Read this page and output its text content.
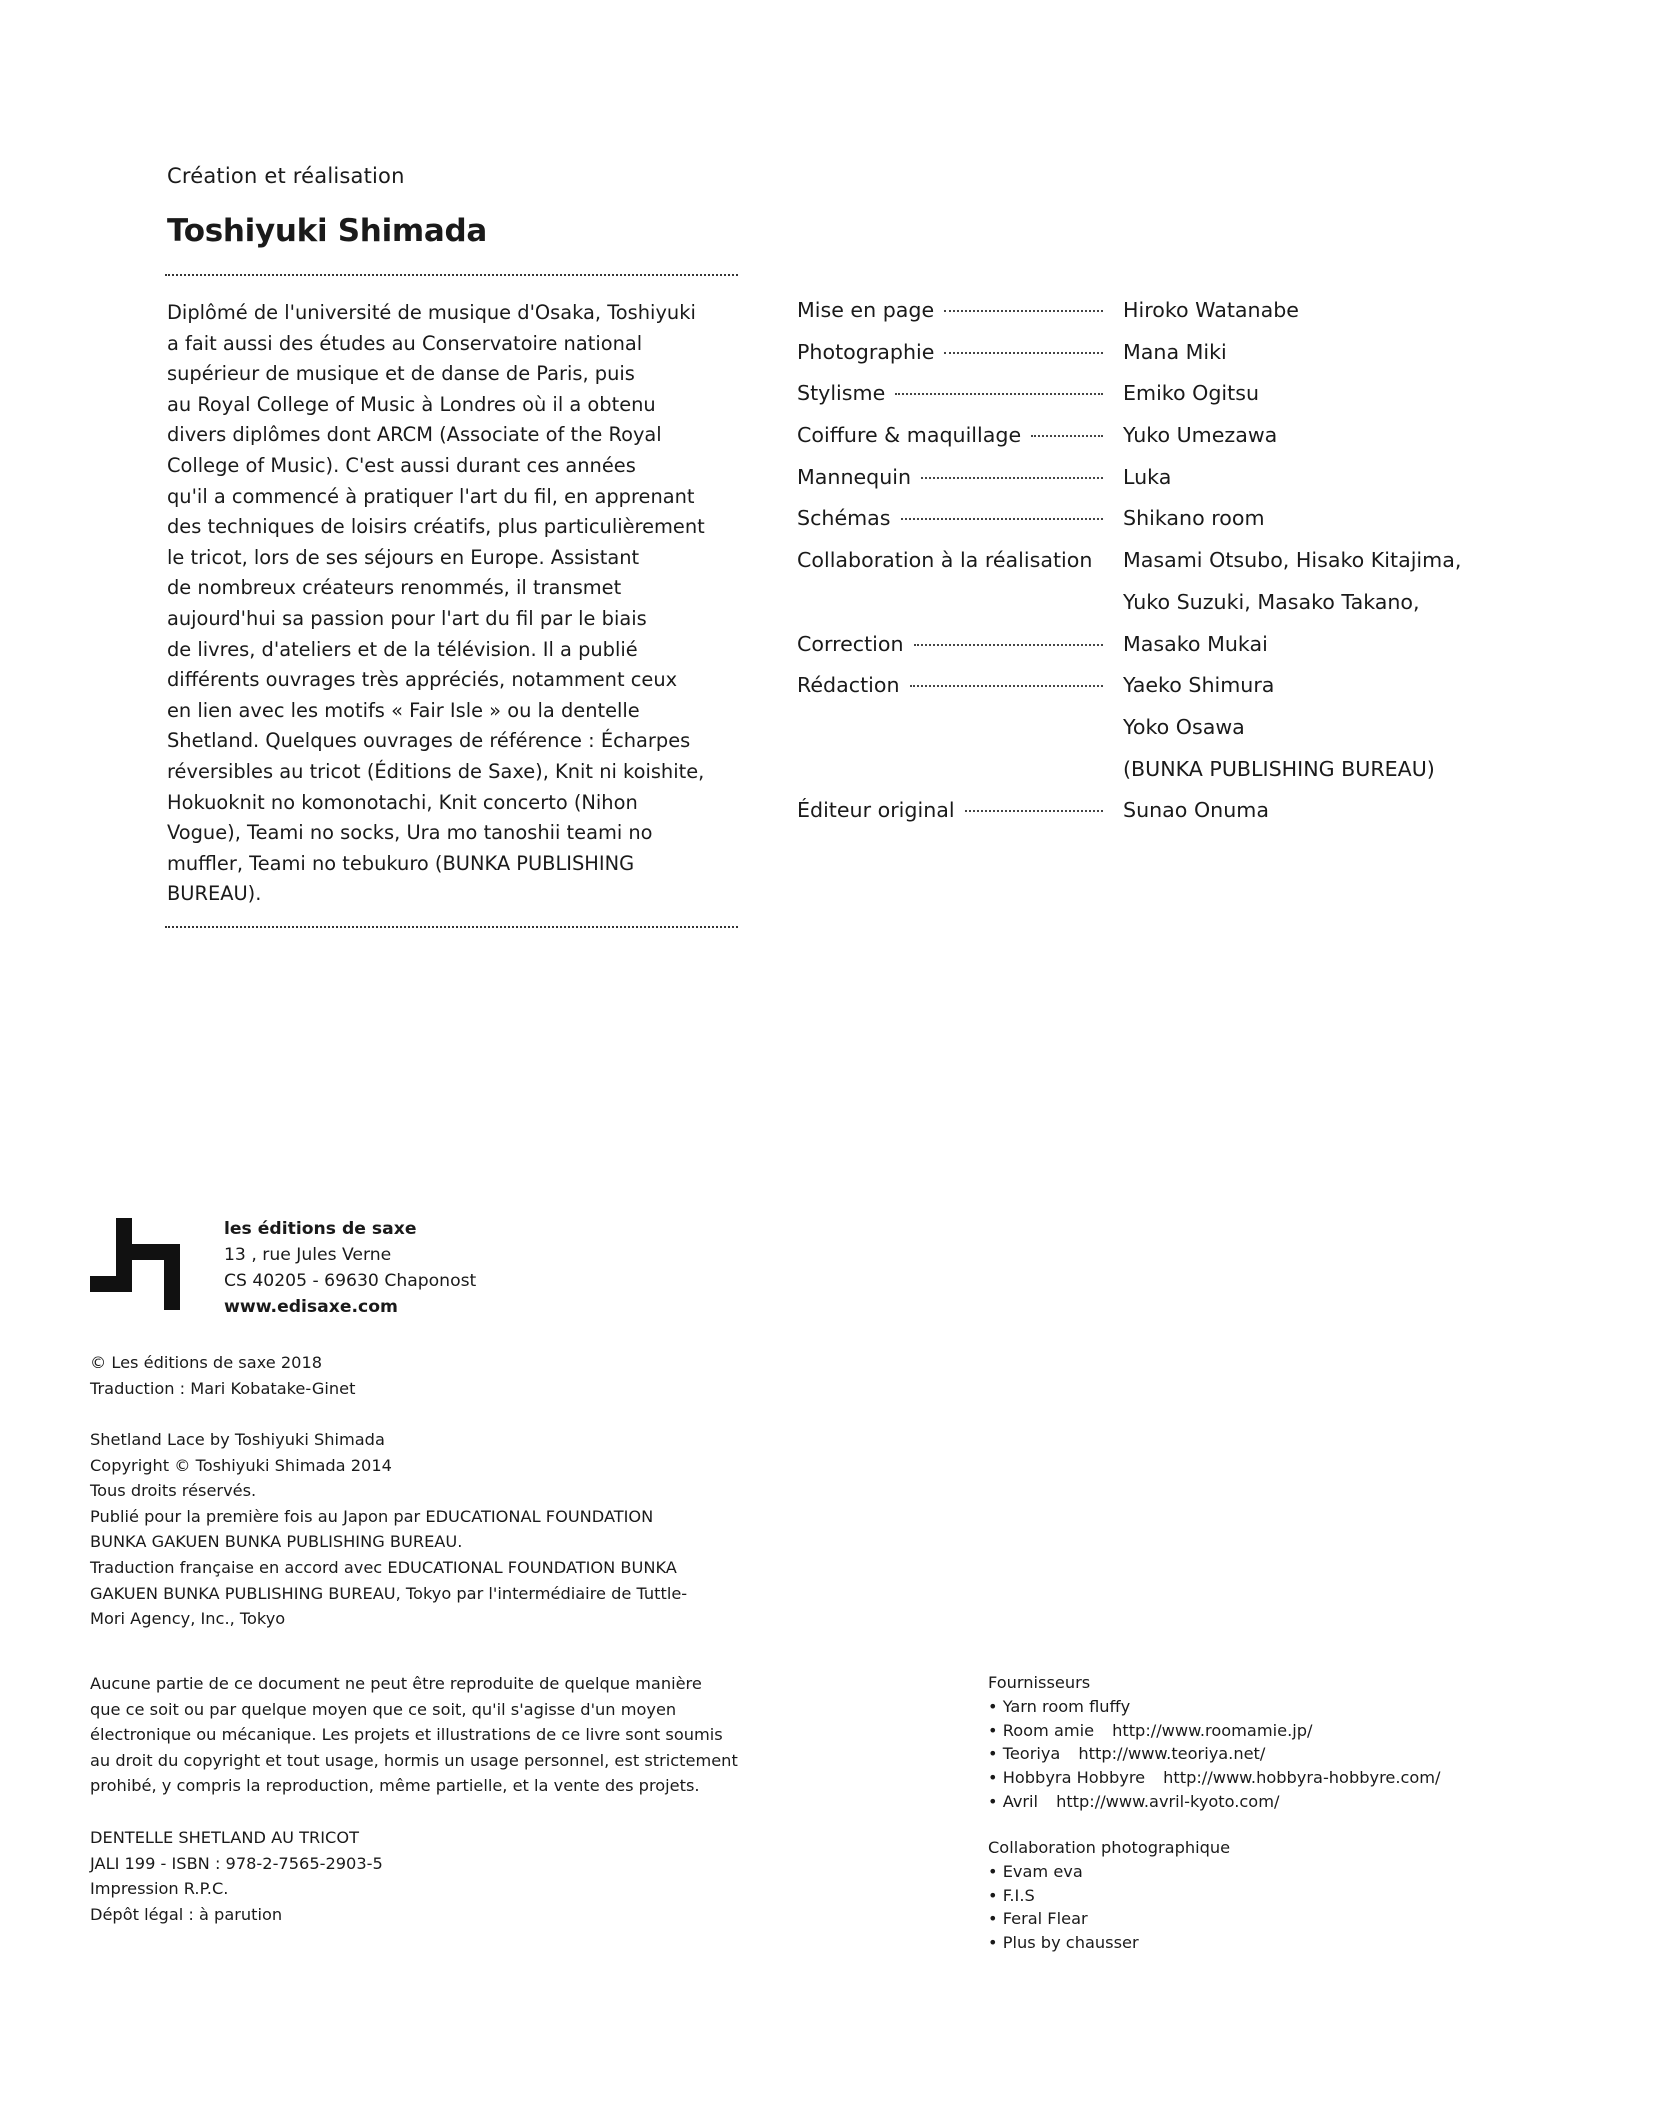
Création et réalisation
Toshiyuki Shimada
Diplômé de l'université de musique d'Osaka, Toshiyuki
a fait aussi des études au Conservatoire national
supérieur de musique et de danse de Paris, puis
au Royal College of Music à Londres où il a obtenu
divers diplômes dont ARCM (Associate of the Royal
College of Music). C'est aussi durant ces années
qu'il a commencé à pratiquer l'art du fil, en apprenant
des techniques de loisirs créatifs, plus particulièrement
le tricot, lors de ses séjours en Europe. Assistant
de nombreux créateurs renommés, il transmet
aujourd'hui sa passion pour l'art du fil par le biais
de livres, d'ateliers et de la télévision. Il a publié
différents ouvrages très appréciés, notamment ceux
en lien avec les motifs « Fair Isle » ou la dentelle
Shetland. Quelques ouvrages de référence : Écharpes
réversibles au tricot (Éditions de Saxe), Knit ni koishite,
Hokuoknit no komonotachi, Knit concerto (Nihon
Vogue), Teami no socks, Ura mo tanoshii teami no
muffler, Teami no tebukuro (BUNKA PUBLISHING
BUREAU).
Mise en page	Hiroko Watanabe
Photographie	Mana Miki
Stylisme	Emiko Ogitsu
Coiffure & maquillage	Yuko Umezawa
Mannequin	Luka
Schémas	Shikano room
Collaboration à la réalisation Masami Otsubo, Hisako Kitajima,
Yuko Suzuki, Masako Takano,
Correction	Masako Mukai
Rédaction	Yaeko Shimura
Yoko Osawa
(BUNKA PUBLISHING BUREAU)
Éditeur original	Sunao Onuma
les éditions de saxe
13 , rue Jules Verne
CS 40205 - 69630 Chaponost
www.edisaxe.com
© Les éditions de saxe 2018
Traduction : Mari Kobatake-Ginet
Shetland Lace by Toshiyuki Shimada
Copyright © Toshiyuki Shimada 2014
Tous droits réservés.
Publié pour la première fois au Japon par EDUCATIONAL FOUNDATION
BUNKA GAKUEN BUNKA PUBLISHING BUREAU.
Traduction française en accord avec EDUCATIONAL FOUNDATION BUNKA
GAKUEN BUNKA PUBLISHING BUREAU, Tokyo par l'intermédiaire de Tuttle-
Mori Agency, Inc., Tokyo
Aucune partie de ce document ne peut être reproduite de quelque manière
que ce soit ou par quelque moyen que ce soit, qu'il s'agisse d'un moyen
électronique ou mécanique. Les projets et illustrations de ce livre sont soumis
au droit du copyright et tout usage, hormis un usage personnel, est strictement
prohibé, y compris la reproduction, même partielle, et la vente des projets.
DENTELLE SHETLAND AU TRICOT
JALI 199 - ISBN : 978-2-7565-2903-5
Impression R.P.C.
Dépôt légal : à parution
Fournisseurs
• Yarn room fluffy
• Room amie http://www.roomamie.jp/
• Teoriya http://www.teoriya.net/
• Hobbyra Hobbyre http://www.hobbyra-hobbyre.com/
• Avril http://www.avril-kyoto.com/
Collaboration photographique
• Evam eva
• F.I.S
• Feral Flear
• Plus by chausser
